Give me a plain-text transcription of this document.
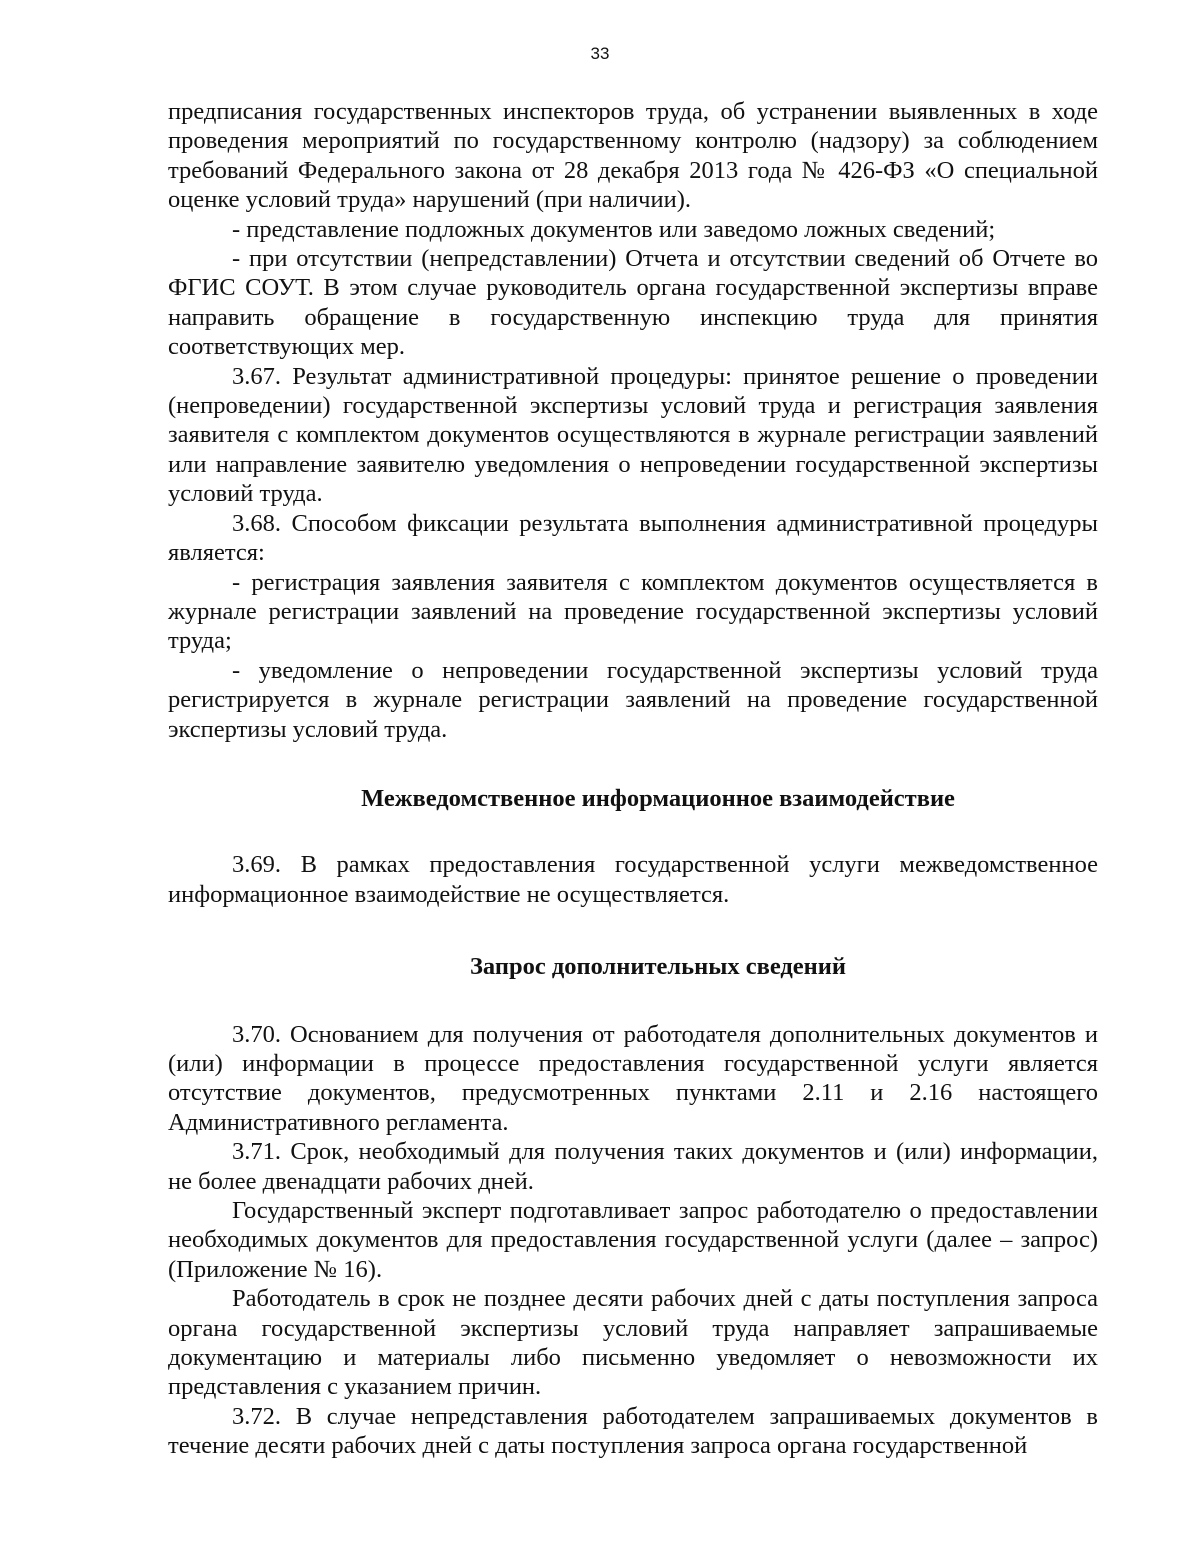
33

предписания государственных инспекторов труда, об устранении выявленных в ходе проведения мероприятий по государственному контролю (надзору) за соблюдением требований Федерального закона от 28 декабря 2013 года № 426-ФЗ «О специальной оценке условий труда» нарушений (при наличии).

- представление подложных документов или заведомо ложных сведений;

- при отсутствии (непредставлении) Отчета и отсутствии сведений об Отчете во ФГИС СОУТ. В этом случае руководитель органа государственной экспертизы вправе направить обращение в государственную инспекцию труда для принятия соответствующих мер.

3.67. Результат административной процедуры: принятое решение о проведении (непроведении) государственной экспертизы условий труда и регистрация заявления заявителя с комплектом документов осуществляются в журнале регистрации заявлений или направление заявителю уведомления о непроведении государственной экспертизы условий труда.

3.68. Способом фиксации результата выполнения административной процедуры является:

- регистрация заявления заявителя с комплектом документов осуществляется в журнале регистрации заявлений на проведение государственной экспертизы условий труда;

- уведомление о непроведении государственной экспертизы условий труда регистрируется в журнале регистрации заявлений на проведение государственной экспертизы условий труда.

Межведомственное информационное взаимодействие

3.69. В рамках предоставления государственной услуги межведомственное информационное взаимодействие не осуществляется.

Запрос дополнительных сведений

3.70. Основанием для получения от работодателя дополнительных документов и (или) информации в процессе предоставления государственной услуги является отсутствие документов, предусмотренных пунктами 2.11 и 2.16 настоящего Административного регламента.

3.71. Срок, необходимый для получения таких документов и (или) информации, не более двенадцати рабочих дней.

Государственный эксперт подготавливает запрос работодателю о предоставлении необходимых документов для предоставления государственной услуги (далее – запрос) (Приложение № 16).

Работодатель в срок не позднее десяти рабочих дней с даты поступления запроса органа государственной экспертизы условий труда направляет запрашиваемые документацию и материалы либо письменно уведомляет о невозможности их представления с указанием причин.

3.72. В случае непредставления работодателем запрашиваемых документов в течение десяти рабочих дней с даты поступления запроса органа государственной
